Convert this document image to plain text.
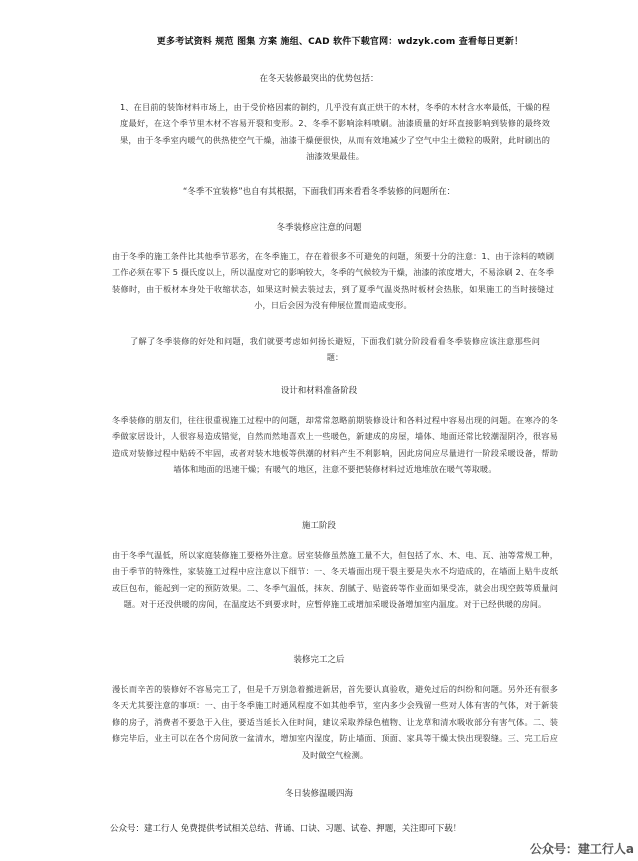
更多考试资料 规范 图集 方案 施组、CAD 软件下载官网：wdzyk.com 查看每日更新！
在冬天装修最突出的优势包括：
1、在目前的装饰材料市场上，由于受价格因素的制约，几乎没有真正烘干的木材，冬季的木材含水率最低，干燥的程度最好，在这个季节里木材不容易开裂和变形。2、冬季不影响涂料喷刷。油漆质量的好坏直接影响到装修的最终效果，由于冬季室内暖气的供热使空气干燥，油漆干燥便很快，从而有效地减少了空气中尘土微粒的吸附，此时刷出的油漆效果最佳。
“冬季不宜装修”也自有其根据，下面我们再来看看冬季装修的问题所在：
冬季装修应注意的问题
由于冬季的施工条件比其他季节恶劣，在冬季施工，存在着很多不可避免的问题，须要十分的注意：1、由于涂料的喷刷工作必须在零下 5 摄氏度以上，所以温度对它的影响较大，冬季的气候较为干燥，油漆的浓度增大，不易涂刷 2、在冬季装修时，由于板材本身处于收缩状态，如果这时候去装过去，到了夏季气温炎热时板材会热胀，如果施工的当时接缝过小，日后会因为没有伸展位置而造成变形。
了解了冬季装修的好处和问题，我们就要考虑如何扬长避短，下面我们就分阶段看看冬季装修应该注意那些问题：
设计和材料准备阶段
冬季装修的朋友们，往往很重视施工过程中的问题，却常常忽略前期装修设计和各料过程中容易出现的问题。在寒冷的冬季做家居设计，人很容易造成错觉，自然而然地喜欢上一些暖色，新建成的房屋，墙体、地面还常比较潮湿阴冷，很容易造成对装修过程中贴砖不牢固，或者对装木地板等供潮的材料产生不利影响，因此房间应尽量进行一阶段采暖设备，帮助墙体和地面的迅速干燥；有暖气的地区，注意不要把装修材料过近地堆放在暖气等取暖。
施工阶段
由于冬季气温低，所以家庭装修施工要格外注意。居室装修虽然施工量不大，但包括了水、木、电、瓦、油等常规工种，由于季节的特殊性，家装施工过程中应注意以下细节：一、冬天墙面出现干裂主要是失水不均造成的，在墙面上贴牛皮纸或巨包布，能起到一定的预防效果。二、冬季气温低，抹灰、刮腻子、贴瓷砖等作业面如果受冻，就会出现空鼓等质量问题。对于还没供暖的房间，在温度达不到要求时，应暂停施工或增加采暖设备增加室内温度。对于已经供暖的房间。
装修完工之后
漫长而辛苦的装修好不容易完工了，但是千万别急着搬进新居，首先要认真验收，避免过后的纠纷和问题。另外还有很多冬天尤其要注意的事项：一、由于冬季施工时通风程度不如其他季节，室内多少会残留一些对人体有害的气体，对于新装修的房子，消费者不要急于入住，要适当延长入住时间，建议采取养绿色植物、让龙草和清水吸收部分有害气体。二、装修完毕后，业主可以在各个房间放一盆清水，增加室内湿度，防止墙面、顶面、家具等干燥太快出现裂缝。三、完工后应及时做空气检测。
冬日装修温暖四海
公众号：建工行人 免费提供考试相关总结、背诵、口诀、习题、试卷、押题，关注即可下载！
公众号：建工行人a
